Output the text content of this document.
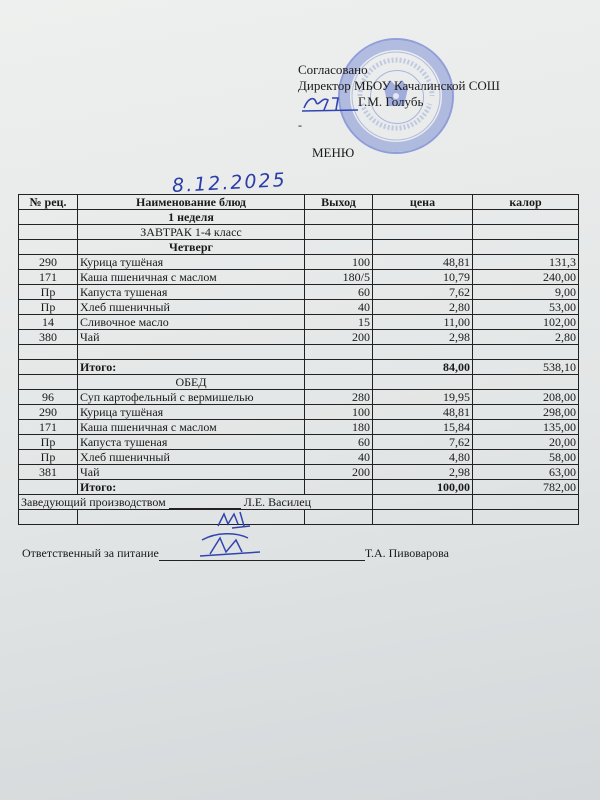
Согласовано
Директор МБОУ Качалинской СОШ
Г.М. Голубь
-
МЕНЮ
8.12.2025
№ рец.	Наименование блюд	Выход	цена	калор
	1 неделя			
	ЗАВТРАК 1-4 класс			
	Четверг			
290	Курица тушёная	100	48,81	131,3
171	Каша пшеничная с маслом	180/5	10,79	240,00
Пр	Капуста тушеная	60	7,62	9,00
Пр	Хлеб пшеничный	40	2,80	53,00
14	Сливочное масло	15	11,00	102,00
380	Чай	200	2,98	2,80

	Итого:		84,00	538,10
	ОБЕД			
96	Суп картофельный с вермишелью	280	19,95	208,00
290	Курица тушёная	100	48,81	298,00
171	Каша пшеничная с маслом	180	15,84	135,00
Пр	Капуста тушеная	60	7,62	20,00
Пр	Хлеб пшеничный	40	4,80	58,00
381	Чай	200	2,98	63,00
	Итого:		100,00	782,00
Заведующий производством Л.Е. Василец				

Ответственный за питание	Т.А. Пивоварова
